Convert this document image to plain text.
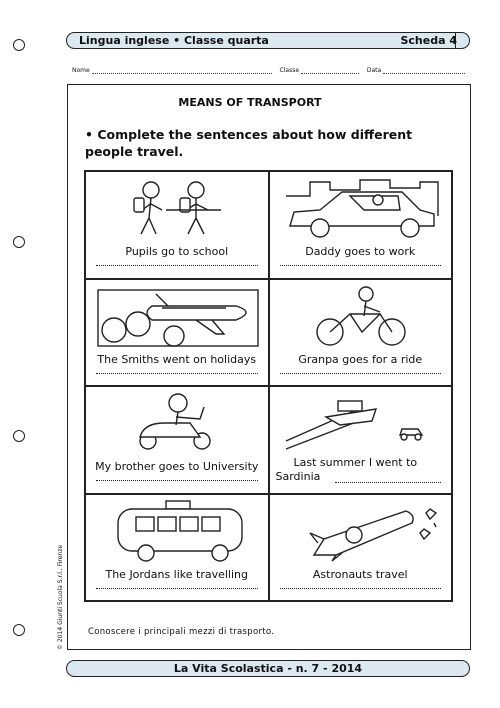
Lingua inglese • Classe quarta	Scheda 4
Nome	Classe	Data
MEANS OF TRANSPORT
• Complete the sentences about how different people travel.
Pupils go to school	Daddy goes to work
The Smiths went on holidays	Granpa goes for a ride
My brother goes to University	Last summer I went to
Sardinia
The Jordans like travelling	Astronauts travel
Conoscere i principali mezzi di trasporto.
© 2014 Giunti Scuola S.r.l., Firenze
La Vita Scolastica - n. 7 - 2014
